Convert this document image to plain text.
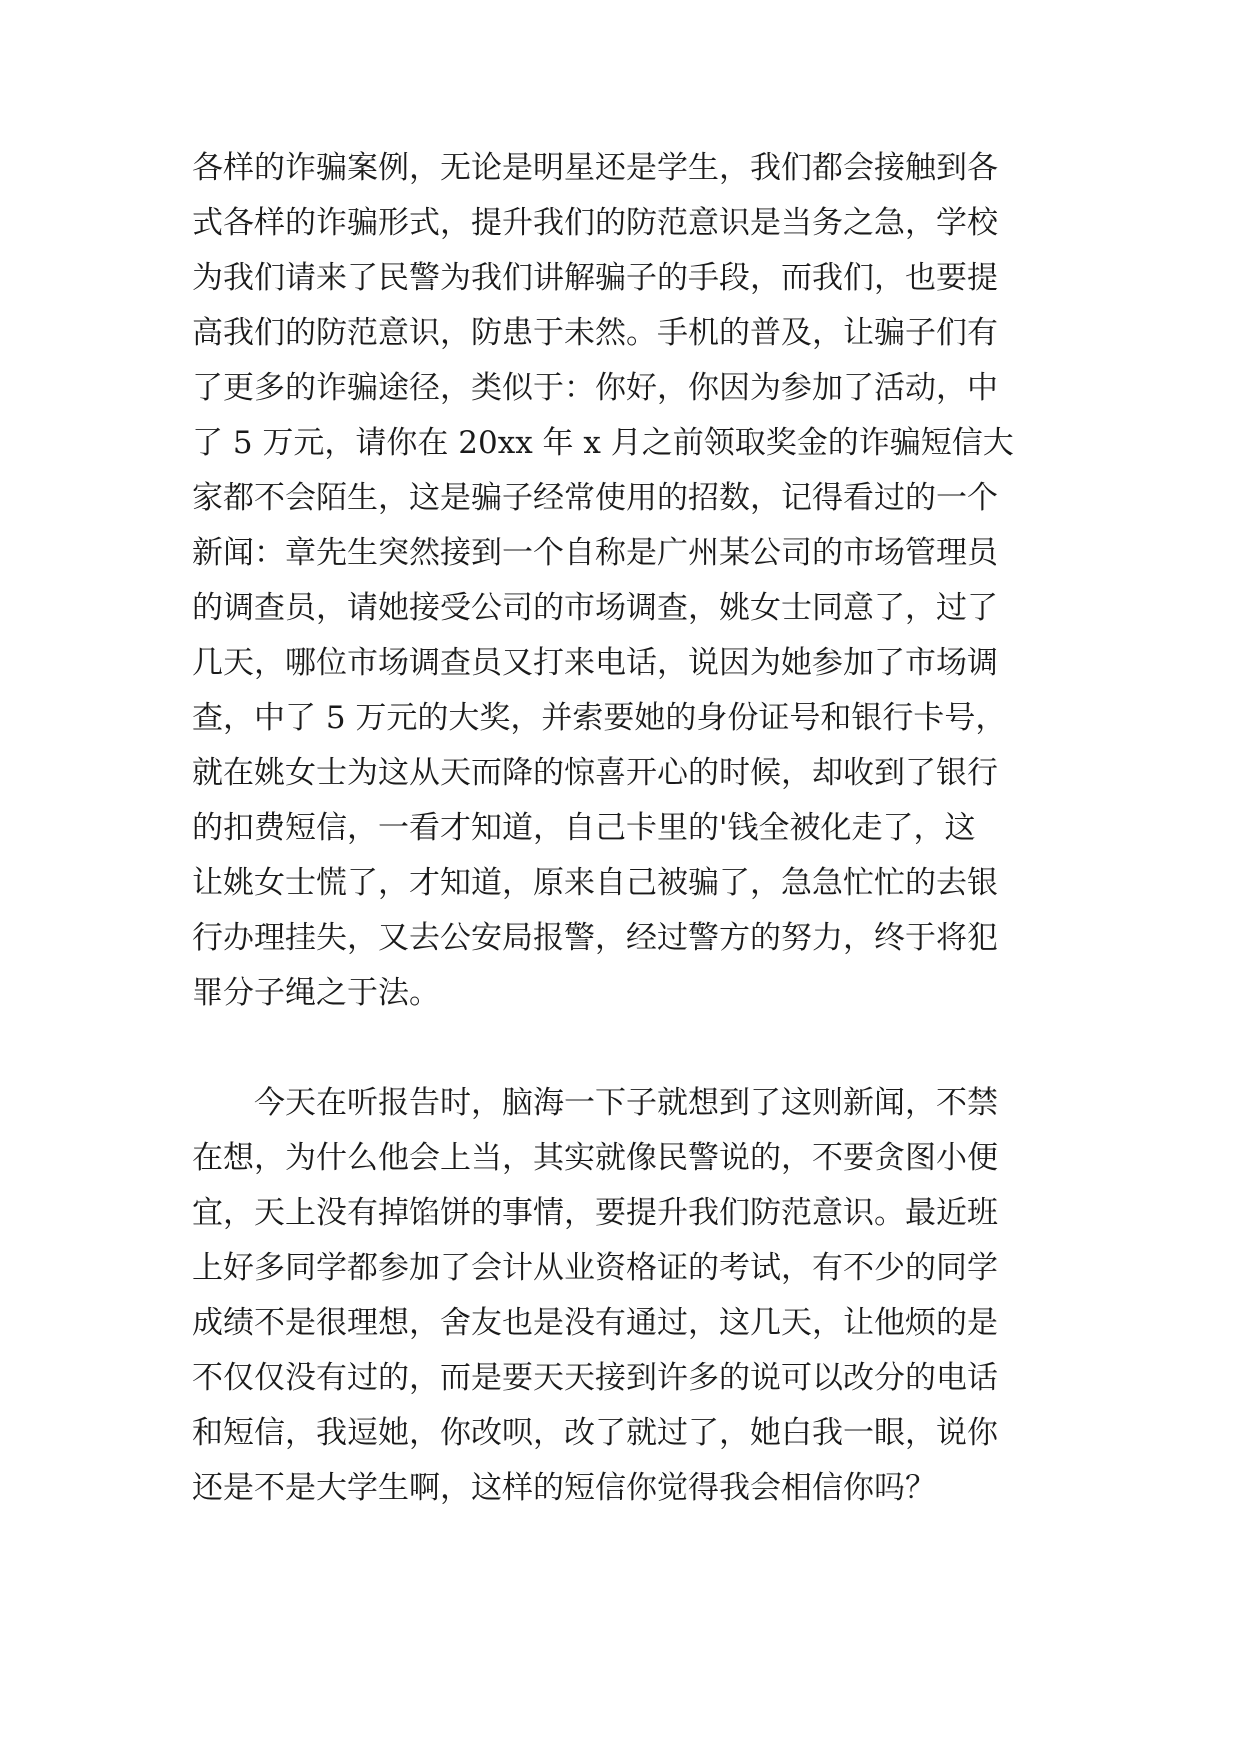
各样的诈骗案例，无论是明星还是学生，我们都会接触到各
式各样的诈骗形式，提升我们的防范意识是当务之急，学校
为我们请来了民警为我们讲解骗子的手段，而我们，也要提
高我们的防范意识，防患于未然。手机的普及，让骗子们有
了更多的诈骗途径，类似于：你好，你因为参加了活动，中
了 5 万元，请你在 20xx 年 x 月之前领取奖金的诈骗短信大
家都不会陌生，这是骗子经常使用的招数，记得看过的一个
新闻：章先生突然接到一个自称是广州某公司的市场管理员
的调查员，请她接受公司的市场调查，姚女士同意了，过了
几天，哪位市场调查员又打来电话，说因为她参加了市场调
查，中了 5 万元的大奖，并索要她的身份证号和银行卡号，
就在姚女士为这从天而降的惊喜开心的时候，却收到了银行
的扣费短信，一看才知道，自己卡里的'钱全被化走了，这
让姚女士慌了，才知道，原来自己被骗了，急急忙忙的去银
行办理挂失，又去公安局报警，经过警方的努力，终于将犯
罪分子绳之于法。
今天在听报告时，脑海一下子就想到了这则新闻，不禁
在想，为什么他会上当，其实就像民警说的，不要贪图小便
宜，天上没有掉馅饼的事情，要提升我们防范意识。最近班
上好多同学都参加了会计从业资格证的考试，有不少的同学
成绩不是很理想，舍友也是没有通过，这几天，让他烦的是
不仅仅没有过的，而是要天天接到许多的说可以改分的电话
和短信，我逗她，你改呗，改了就过了，她白我一眼，说你
还是不是大学生啊，这样的短信你觉得我会相信你吗？
